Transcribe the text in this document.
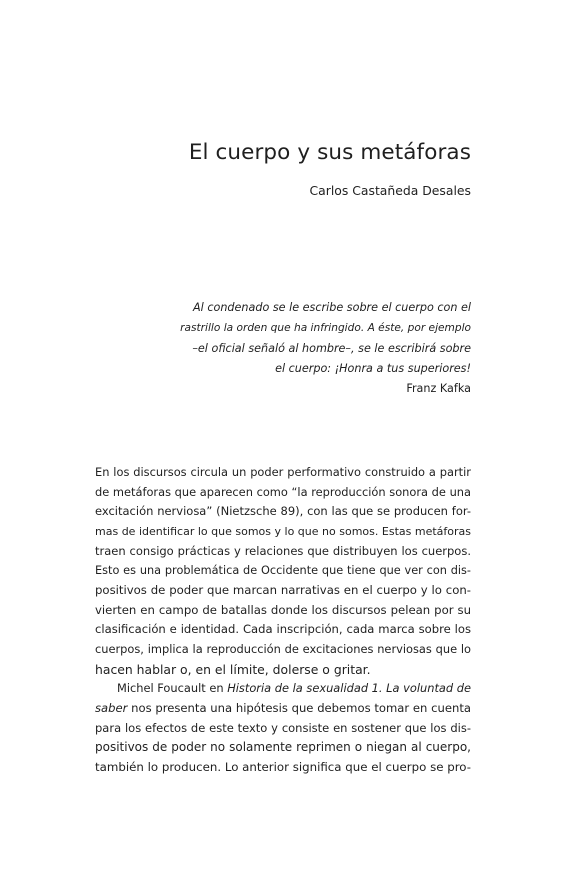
El cuerpo y sus metáforas

Carlos Castañeda Desales

Al condenado se le escribe sobre el cuerpo con el
rastrillo la orden que ha infringido. A éste, por ejemplo
–el oficial señaló al hombre–, se le escribirá sobre
el cuerpo: ¡Honra a tus superiores!
Franz Kafka
En los discursos circula un poder performativo construido a partir
de metáforas que aparecen como “la reproducción sonora de una
excitación nerviosa” (Nietzsche 89), con las que se producen for-
mas de identificar lo que somos y lo que no somos. Estas metáforas
traen consigo prácticas y relaciones que distribuyen los cuerpos.
Esto es una problemática de Occidente que tiene que ver con dis-
positivos de poder que marcan narrativas en el cuerpo y lo con-
vierten en campo de batallas donde los discursos pelean por su
clasificación e identidad. Cada inscripción, cada marca sobre los
cuerpos, implica la reproducción de excitaciones nerviosas que lo
hacen hablar o, en el límite, dolerse o gritar.
Michel Foucault en Historia de la sexualidad 1. La voluntad de
saber nos presenta una hipótesis que debemos tomar en cuenta
para los efectos de este texto y consiste en sostener que los dis-
positivos de poder no solamente reprimen o niegan al cuerpo,
también lo producen. Lo anterior significa que el cuerpo se pro-
